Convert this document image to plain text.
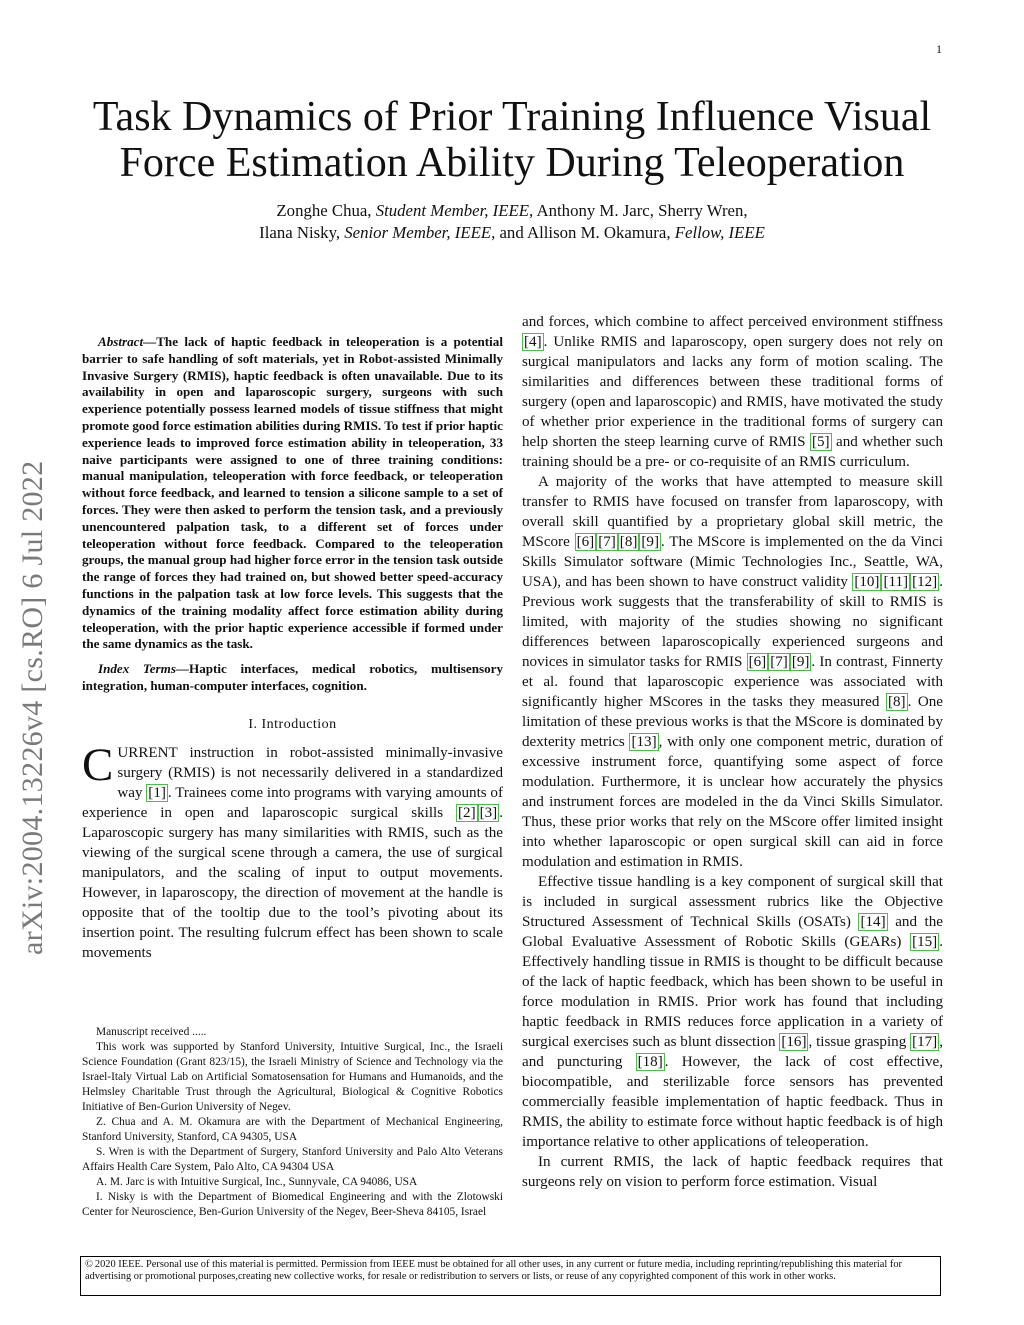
1
arXiv:2004.13226v4 [cs.RO] 6 Jul 2022
Task Dynamics of Prior Training Influence Visual Force Estimation Ability During Teleoperation
Zonghe Chua, Student Member, IEEE, Anthony M. Jarc, Sherry Wren,
Ilana Nisky, Senior Member, IEEE, and Allison M. Okamura, Fellow, IEEE

Abstract—The lack of haptic feedback in teleoperation is a potential barrier to safe handling of soft materials, yet in Robot-assisted Minimally Invasive Surgery (RMIS), haptic feedback is often unavailable. Due to its availability in open and laparoscopic surgery, surgeons with such experience potentially possess learned models of tissue stiffness that might promote good force estimation abilities during RMIS. To test if prior haptic experience leads to improved force estimation ability in teleoperation, 33 naive participants were assigned to one of three training conditions: manual manipulation, teleoperation with force feedback, or teleoperation without force feedback, and learned to tension a silicone sample to a set of forces. They were then asked to perform the tension task, and a previously unencountered palpation task, to a different set of forces under teleoperation without force feedback. Compared to the teleoperation groups, the manual group had higher force error in the tension task outside the range of forces they had trained on, but showed better speed-accuracy functions in the palpation task at low force levels. This suggests that the dynamics of the training modality affect force estimation ability during teleoperation, with the prior haptic experience accessible if formed under the same dynamics as the task.

Index Terms—Haptic interfaces, medical robotics, multisensory integration, human-computer interfaces, cognition.

I. Introduction

CURRENT instruction in robot-assisted minimally-invasive surgery (RMIS) is not necessarily delivered in a standardized way [1] . Trainees come into programs with varying amounts of experience in open and laparoscopic surgical skills [2] [3] . Laparoscopic surgery has many similarities with RMIS, such as the viewing of the surgical scene through a camera, the use of surgical manipulators, and the scaling of input to output movements. However, in laparoscopy, the direction of movement at the handle is opposite that of the tooltip due to the tool’s pivoting about its insertion point. The resulting fulcrum effect has been shown to scale movements

and forces, which combine to affect perceived environment stiffness [4] . Unlike RMIS and laparoscopy, open surgery does not rely on surgical manipulators and lacks any form of motion scaling. The similarities and differences between these traditional forms of surgery (open and laparoscopic) and RMIS, have motivated the study of whether prior experience in the traditional forms of surgery can help shorten the steep learning curve of RMIS [5] and whether such training should be a pre- or co-requisite of an RMIS curriculum.

A majority of the works that have attempted to measure skill transfer to RMIS have focused on transfer from laparoscopy, with overall skill quantified by a proprietary global skill metric, the MScore [6] [7] [8] [9] . The MScore is implemented on the da Vinci Skills Simulator software (Mimic Technologies Inc., Seattle, WA, USA), and has been shown to have construct validity [10] [11] [12] . Previous work suggests that the transferability of skill to RMIS is limited, with majority of the studies showing no significant differences between laparoscopically experienced surgeons and novices in simulator tasks for RMIS [6] [7] [9] . In contrast, Finnerty et al. found that laparoscopic experience was associated with significantly higher MScores in the tasks they measured [8] . One limitation of these previous works is that the MScore is dominated by dexterity metrics [13] , with only one component metric, duration of excessive instrument force, quantifying some aspect of force modulation. Furthermore, it is unclear how accurately the physics and instrument forces are modeled in the da Vinci Skills Simulator. Thus, these prior works that rely on the MScore offer limited insight into whether laparoscopic or open surgical skill can aid in force modulation and estimation in RMIS.

Effective tissue handling is a key component of surgical skill that is included in surgical assessment rubrics like the Objective Structured Assessment of Technical Skills (OSATs) [14] and the Global Evaluative Assessment of Robotic Skills (GEARs) [15] . Effectively handling tissue in RMIS is thought to be difficult because of the lack of haptic feedback, which has been shown to be useful in force modulation in RMIS. Prior work has found that including haptic feedback in RMIS reduces force application in a variety of surgical exercises such as blunt dissection [16] , tissue grasping [17] , and puncturing [18] . However, the lack of cost effective, biocompatible, and sterilizable force sensors has prevented commercially feasible implementation of haptic feedback. Thus in RMIS, the ability to estimate force without haptic feedback is of high importance relative to other applications of teleoperation.

In current RMIS, the lack of haptic feedback requires that surgeons rely on vision to perform force estimation. Visual

Manuscript received .....

This work was supported by Stanford University, Intuitive Surgical, Inc., the Israeli Science Foundation (Grant 823/15), the Israeli Ministry of Science and Technology via the Israel-Italy Virtual Lab on Artificial Somatosensation for Humans and Humanoids, and the Helmsley Charitable Trust through the Agricultural, Biological & Cognitive Robotics Initiative of Ben-Gurion University of Negev.

Z. Chua and A. M. Okamura are with the Department of Mechanical Engineering, Stanford University, Stanford, CA 94305, USA

S. Wren is with the Department of Surgery, Stanford University and Palo Alto Veterans Affairs Health Care System, Palo Alto, CA 94304 USA

A. M. Jarc is with Intuitive Surgical, Inc., Sunnyvale, CA 94086, USA

I. Nisky is with the Department of Biomedical Engineering and with the Zlotowski Center for Neuroscience, Ben-Gurion University of the Negev, Beer-Sheva 84105, Israel

© 2020 IEEE. Personal use of this material is permitted. Permission from IEEE must be obtained for all other uses, in any current or future media, including reprinting/republishing this material for advertising or promotional purposes,creating new collective works, for resale or redistribution to servers or lists, or reuse of any copyrighted component of this work in other works.
